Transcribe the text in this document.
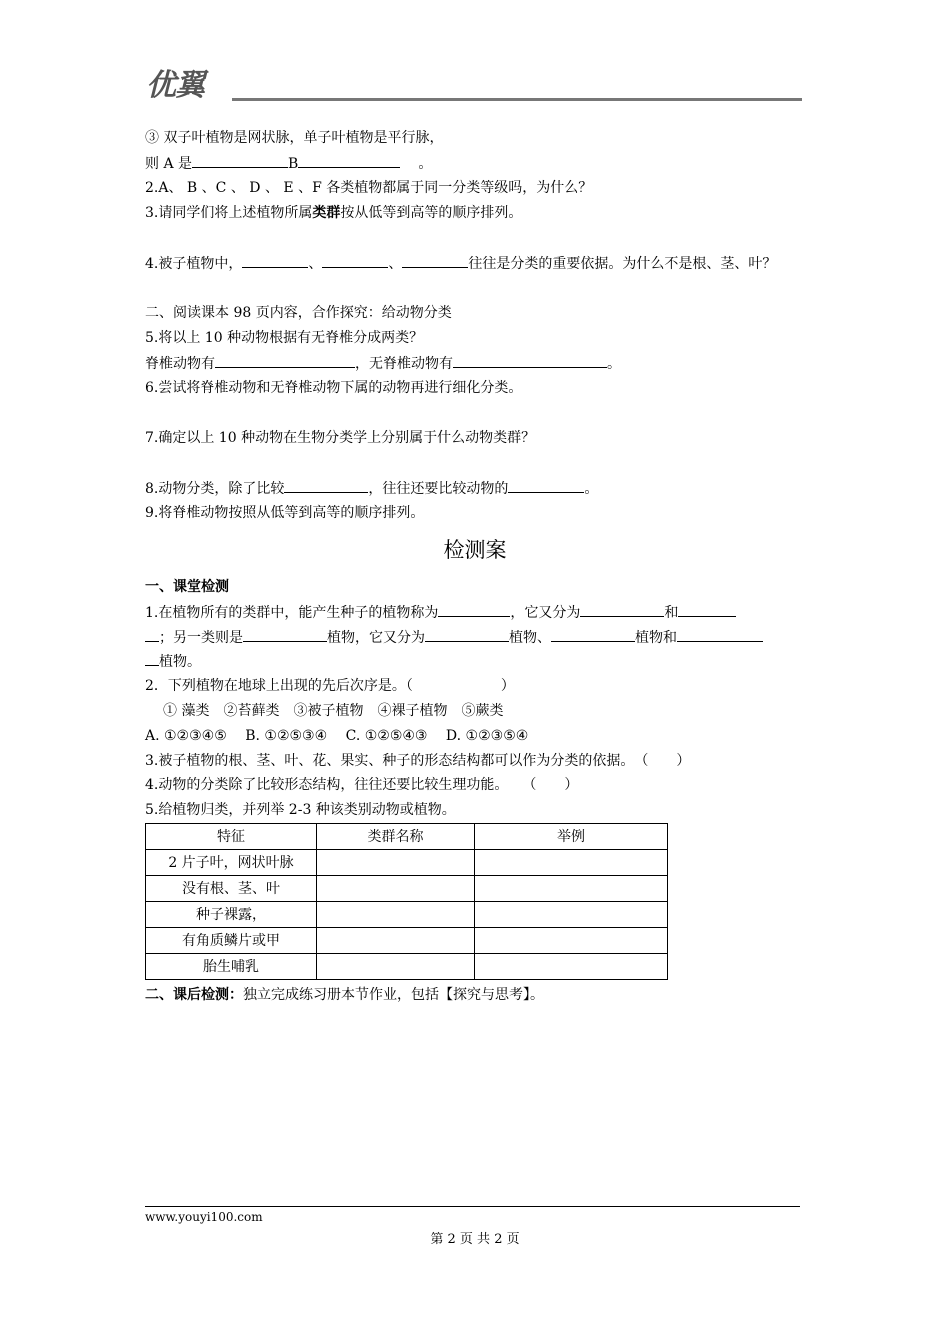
优翼
③ 双子叶植物是网状脉，单子叶植物是平行脉，
则 A 是	B	。
2.A、 B 、C 、 D 、 E 、F 各类植物都属于同一分类等级吗，为什么？
3.请同学们将上述植物所属类群按从低等到高等的顺序排列。
4.被子植物中，	、	、	往往是分类的重要依据。为什么不是根、茎、叶？
二、阅读课本 98 页内容，合作探究：给动物分类
5.将以上 10 种动物根据有无脊椎分成两类？
脊椎动物有	，无脊椎动物有	。
6.尝试将脊椎动物和无脊椎动物下属的动物再进行细化分类。
7.确定以上 10 种动物在生物分类学上分别属于什么动物类群？
8.动物分类，除了比较	，往往还要比较动物的	。
9.将脊椎动物按照从低等到高等的顺序排列。
检测案
一、课堂检测
1.在植物所有的类群中，能产生种子的植物称为	，它又分为	和
；另一类则是	植物，它又分为	植物、	植物和
植物。
2．下列植物在地球上出现的先后次序是。（	）
① 藻类　②苔藓类　③被子植物　④裸子植物　⑤蕨类
A. ①②③④⑤　 B. ①②⑤③④　 C. ①②⑤④③　 D. ①②③⑤④
3.被子植物的根、茎、叶、花、果实、种子的形态结构都可以作为分类的依据。　（　　）
4.动物的分类除了比较形态结构，往往还要比较生理功能。　　（　　）
5.给植物归类，并列举 2-3 种该类别动物或植物。
特征	类群名称	举例
2 片子叶，网状叶脉		
没有根、茎、叶		
种子裸露，		
有角质鳞片或甲		
胎生哺乳		
二、课后检测：独立完成练习册本节作业，包括【探究与思考】。
www.youyi100.com
第 2 页 共 2 页
